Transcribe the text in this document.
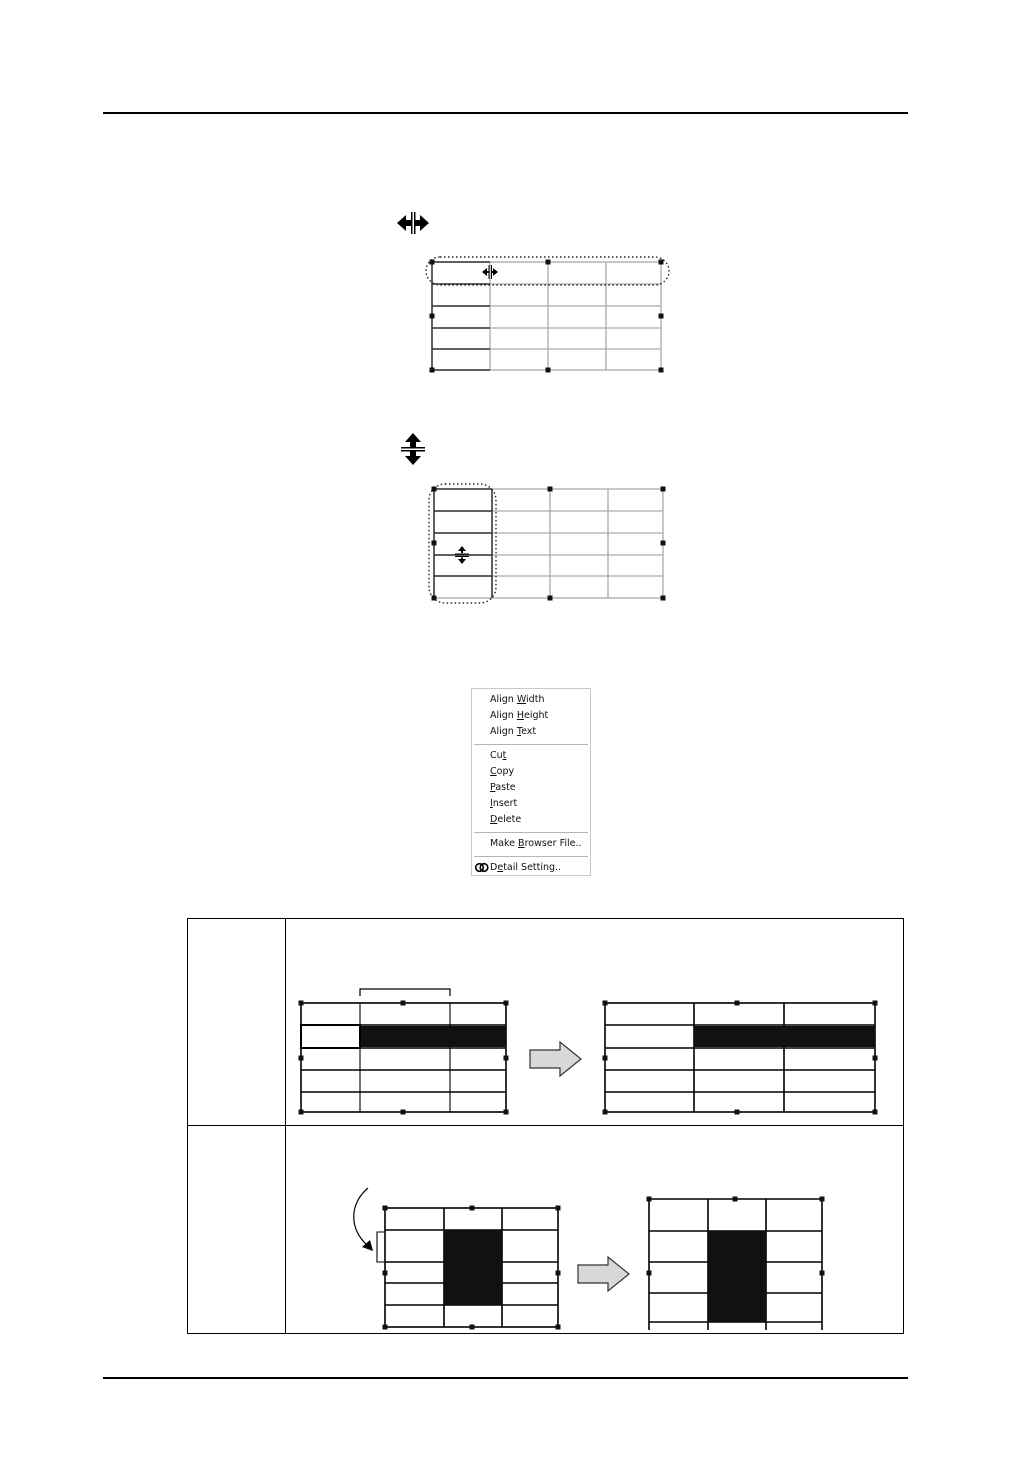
Align Width
Align Height
Align Text
Cut
Copy
Paste
Insert
Delete
Make Browser File..
Detail Setting..
